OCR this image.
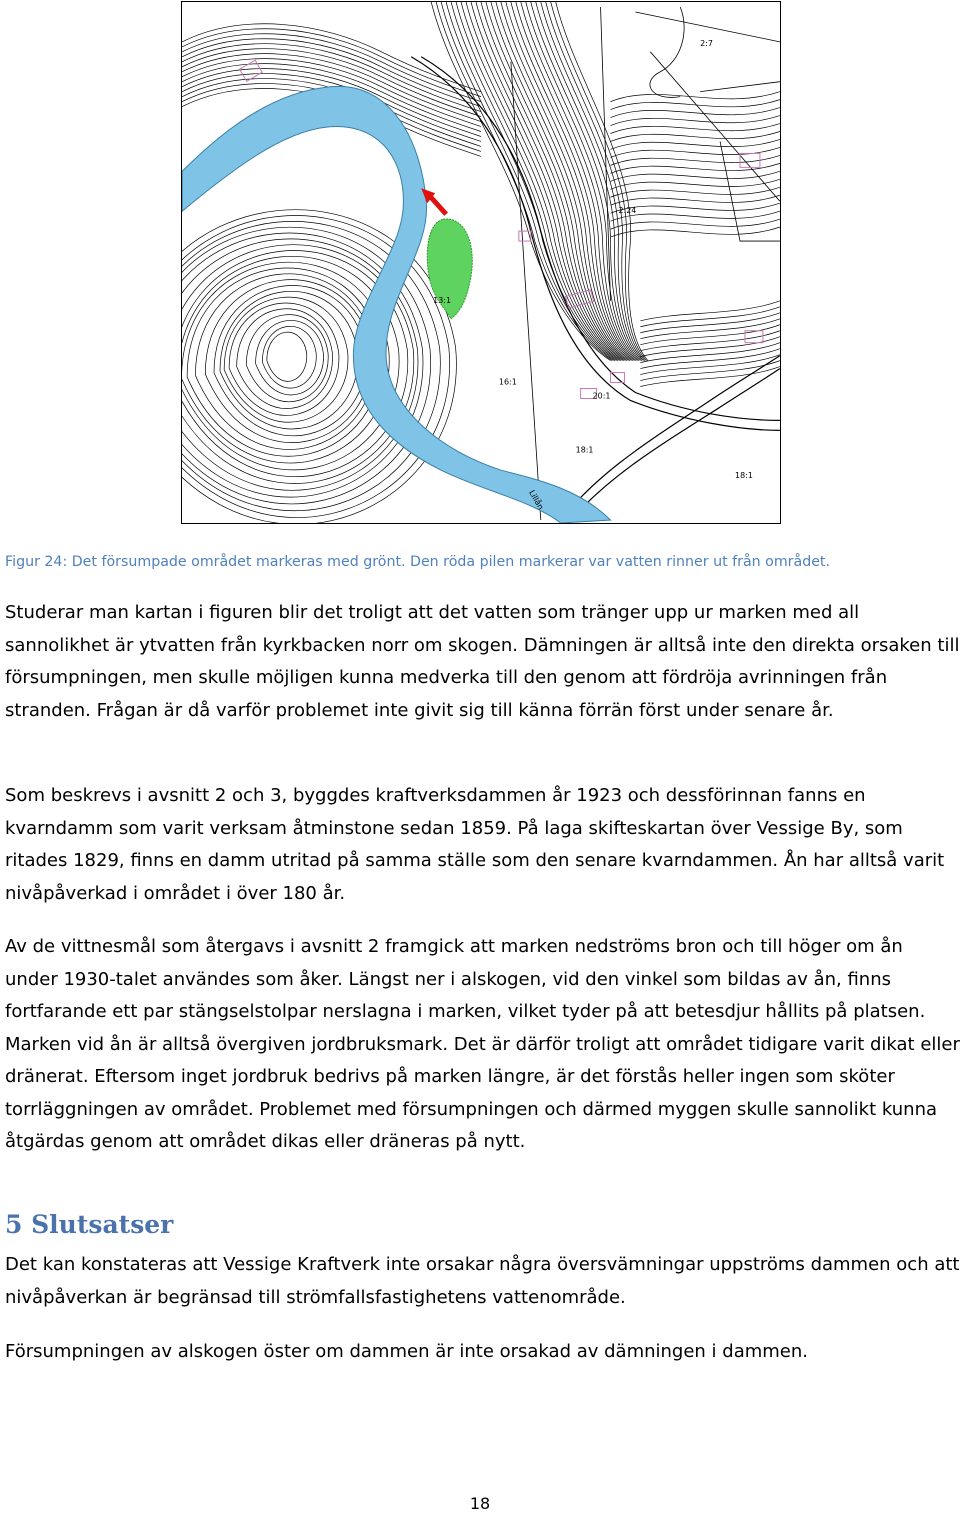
2:7
2:24
13:1
16:1
18:1
20:1
18:1
Lillån
Figur 24: Det försumpade området markeras med grönt. Den röda pilen markerar var vatten rinner ut från området.
Studerar man kartan i figuren blir det troligt att det vatten som tränger upp ur marken med all sannolikhet är ytvatten från kyrkbacken norr om skogen. Dämningen är alltså inte den direkta orsaken till försumpningen, men skulle möjligen kunna medverka till den genom att fördröja avrinningen från stranden. Frågan är då varför problemet inte givit sig till känna förrän först under senare år.
Som beskrevs i avsnitt 2 och 3, byggdes kraftverksdammen år 1923 och dessförinnan fanns en kvarndamm som varit verksam åtminstone sedan 1859. På laga skifteskartan över Vessige By, som ritades 1829, finns en damm utritad på samma ställe som den senare kvarndammen. Ån har alltså varit nivåpåverkad i området i över 180 år.
Av de vittnesmål som återgavs i avsnitt 2 framgick att marken nedströms bron och till höger om ån under 1930-talet användes som åker. Längst ner i alskogen, vid den vinkel som bildas av ån, finns fortfarande ett par stängselstolpar nerslagna i marken, vilket tyder på att betesdjur hållits på platsen. Marken vid ån är alltså övergiven jordbruksmark. Det är därför troligt att området tidigare varit dikat eller dränerat. Eftersom inget jordbruk bedrivs på marken längre, är det förstås heller ingen som sköter torrläggningen av området. Problemet med försumpningen och därmed myggen skulle sannolikt kunna åtgärdas genom att området dikas eller dräneras på nytt.
5 Slutsatser
Det kan konstateras att Vessige Kraftverk inte orsakar några översvämningar uppströms dammen och att nivåpåverkan är begränsad till strömfallsfastighetens vattenområde.
Försumpningen av alskogen öster om dammen är inte orsakad av dämningen i dammen.
18
